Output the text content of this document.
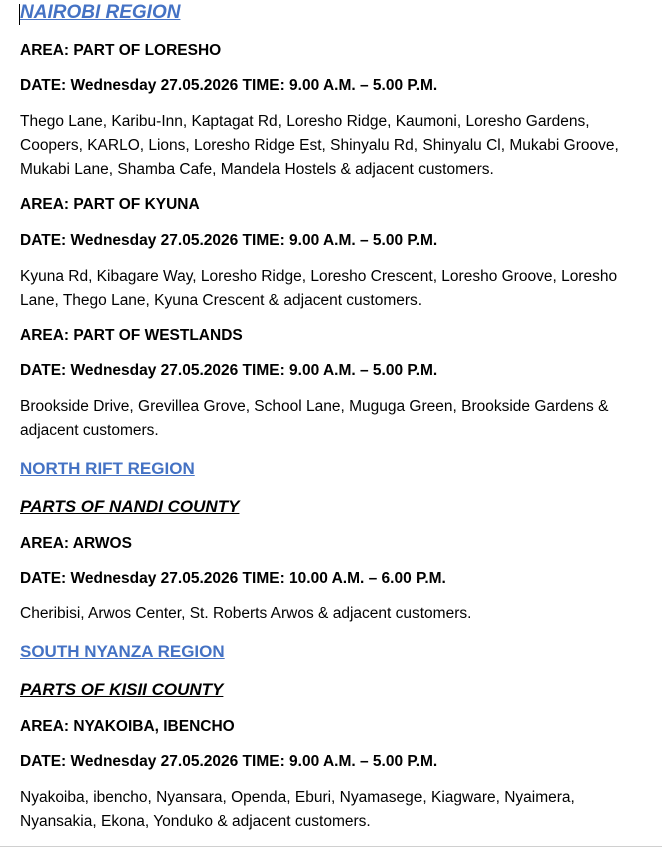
NAIROBI REGION
AREA: PART OF LORESHO
DATE: Wednesday 27.05.2026 TIME: 9.00 A.M. – 5.00 P.M.
Thego Lane, Karibu-Inn, Kaptagat Rd, Loresho Ridge, Kaumoni, Loresho Gardens, Coopers, KARLO, Lions, Loresho Ridge Est, Shinyalu Rd, Shinyalu Cl, Mukabi Groove, Mukabi Lane, Shamba Cafe, Mandela Hostels & adjacent customers.
AREA: PART OF KYUNA
DATE: Wednesday 27.05.2026 TIME: 9.00 A.M. – 5.00 P.M.
Kyuna Rd, Kibagare Way, Loresho Ridge, Loresho Crescent, Loresho Groove, Loresho Lane, Thego Lane, Kyuna Crescent & adjacent customers.
AREA: PART OF WESTLANDS
DATE: Wednesday 27.05.2026 TIME: 9.00 A.M. – 5.00 P.M.
Brookside Drive, Grevillea Grove, School Lane, Muguga Green, Brookside Gardens & adjacent customers.
NORTH RIFT REGION
PARTS OF NANDI COUNTY
AREA: ARWOS
DATE: Wednesday 27.05.2026 TIME: 10.00 A.M. – 6.00 P.M.
Cheribisi, Arwos Center, St. Roberts Arwos & adjacent customers.
SOUTH NYANZA REGION
PARTS OF KISII COUNTY
AREA: NYAKOIBA, IBENCHO
DATE: Wednesday 27.05.2026 TIME: 9.00 A.M. – 5.00 P.M.
Nyakoiba, ibencho, Nyansara, Openda, Eburi, Nyamasege, Kiagware, Nyaimera, Nyansakia, Ekona, Yonduko & adjacent customers.
